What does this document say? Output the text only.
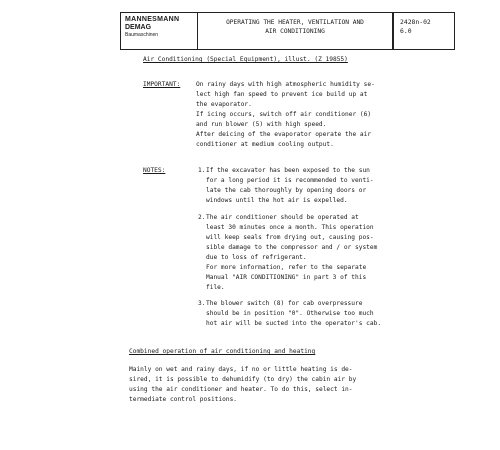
MANNESMANN
DEMAG
Baumaschinen
OPERATING THE HEATER, VENTILATION AND
AIR CONDITIONING
2428n-02
6.0
Air Conditioning (Special Equipment), illust. (Z 19855)
IMPORTANT:	On rainy days with high atmospheric humidity se-
lect high fan speed to prevent ice build up at
the evaporator.
If icing occurs, switch off air conditioner (6)
and run blower (5) with high speed.
After deicing of the evaporator operate the air
conditioner at medium cooling output.
NOTES:	1. If the excavator has been exposed to the sun
for a long period it is recommended to venti-
late the cab thoroughly by opening doors or
windows until the hot air is expelled.
2. The air conditioner should be operated at
least 30 minutes once a month. This operation
will keep seals from drying out, causing pos-
sible damage to the compressor and / or system
due to loss of refrigerant.
For more information, refer to the separate
Manual "AIR CONDITIONING" in part 3 of this
file.
3. The blower switch (8) for cab overpressure
should be in position "0". Otherwise too much
hot air will be sucted into the operator's cab.
Combined operation of air conditioning and heating
Mainly on wet and rainy days, if no or little heating is de-
sired, it is possible to dehumidify (to dry) the cabin air by
using the air conditioner and heater. To do this, select in-
termediate control positions.
